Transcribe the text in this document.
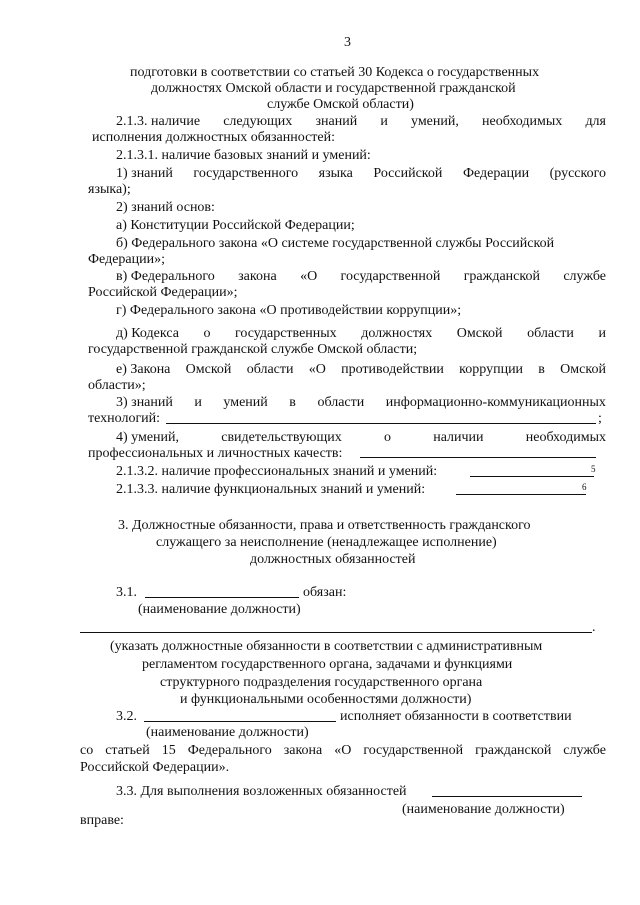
3
подготовки в соответствии со статьей 30 Кодекса о государственных
должностях Омской области и государственной гражданской
службе Омской области)
2.1.3. наличие следующих знаний и умений, необходимых для
исполнения должностных обязанностей:
2.1.3.1. наличие базовых знаний и умений:
1) знаний государственного языка Российской Федерации (русского
языка);
2) знаний основ:
а) Конституции Российской Федерации;
б) Федерального закона «О системе государственной службы Российской
Федерации»;
в) Федерального закона «О государственной гражданской службе
Российской Федерации»;
г) Федерального закона «О противодействии коррупции»;
д) Кодекса о государственных должностях Омской области и
государственной гражданской службе Омской области;
е) Закона Омской области «О противодействии коррупции в Омской
области»;
3) знаний и умений в области информационно-коммуникационных
технологий:	;
4) умений,	свидетельствующих	о	наличии	необходимых
профессиональных и личностных качеств:
2.1.3.2. наличие профессиональных знаний и умений:	5
2.1.3.3. наличие функциональных знаний и умений:	6
3. Должностные обязанности, права и ответственность гражданского
служащего за неисполнение (ненадлежащее исполнение)
должностных обязанностей
3.1.	обязан:
(наименование должности)
.
(указать должностные обязанности в соответствии с административным
регламентом государственного органа, задачами и функциями
структурного подразделения государственного органа
и функциональными особенностями должности)
3.2.	исполняет обязанности в соответствии
(наименование должности)
со статьей 15 Федерального закона «О государственной гражданской службе
Российской Федерации».
3.3. Для выполнения возложенных обязанностей
(наименование должности)
вправе:
